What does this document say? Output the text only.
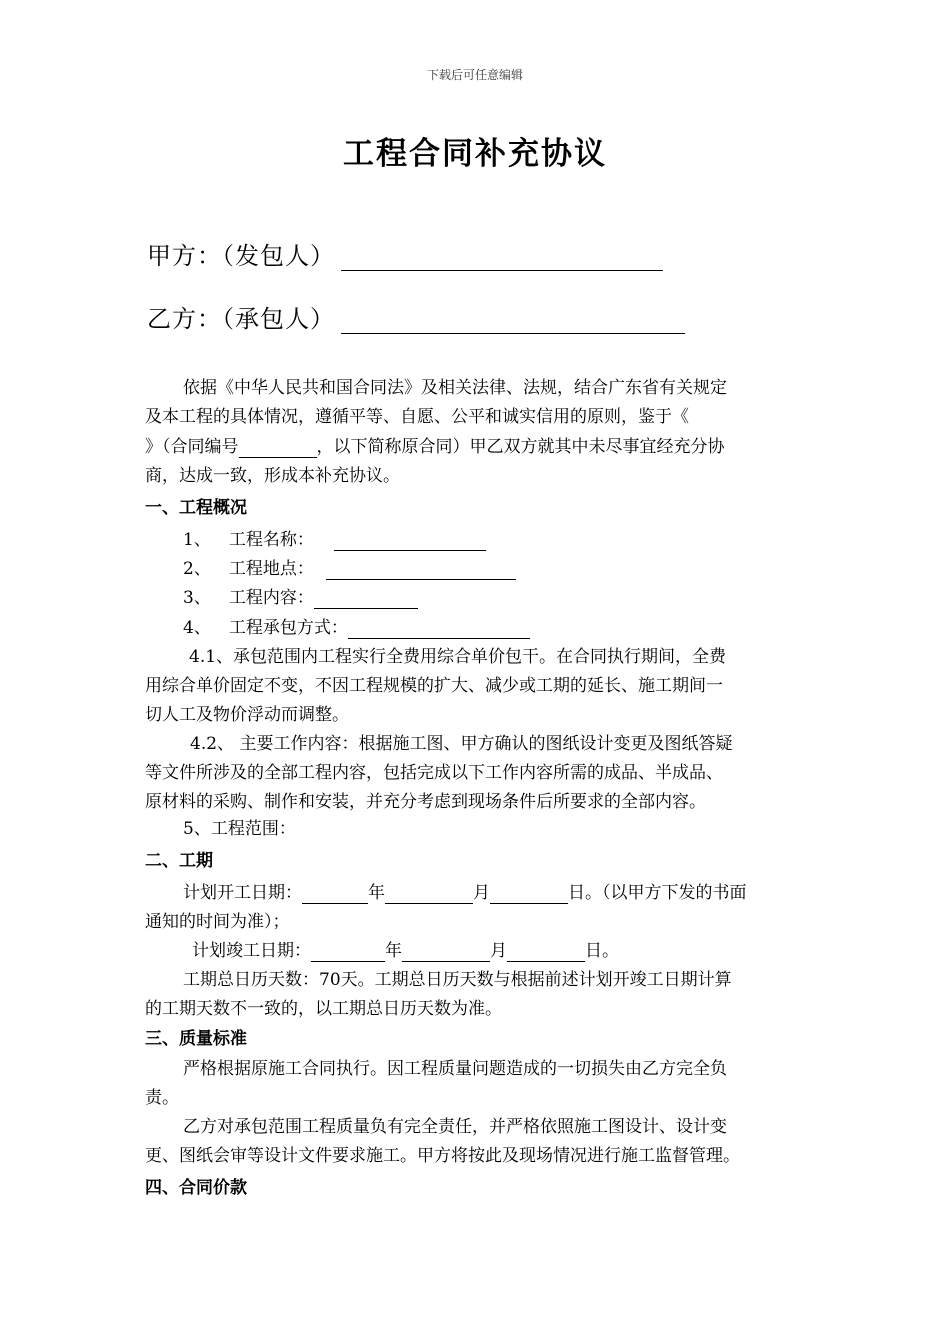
下载后可任意编辑
工程合同补充协议
甲方：（发包人）
乙方：（承包人）
依据《中华人民共和国合同法》及相关法律、法规，结合广东省有关规定
及本工程的具体情况，遵循平等、自愿、公平和诚实信用的原则，鉴于《
》（合同编号	，以下简称原合同）甲乙双方就其中未尽事宜经充分协
商，达成一致，形成本补充协议。
一、工程概况
1、 工程名称：
2、 工程地点：
3、 工程内容：
4、 工程承包方式：
4.1、承包范围内工程实行全费用综合单价包干。在合同执行期间，全费
用综合单价固定不变，不因工程规模的扩大、减少或工期的延长、施工期间一
切人工及物价浮动而调整。
4.2、 主要工作内容：根据施工图、甲方确认的图纸设计变更及图纸答疑
等文件所涉及的全部工程内容，包括完成以下工作内容所需的成品、半成品、
原材料的采购、制作和安装，并充分考虑到现场条件后所要求的全部内容。
5、工程范围：
二、工期
计划开工日期：	年	月	日。（以甲方下发的书面
通知的时间为准）；
计划竣工日期：	年	月	日。
工期总日历天数：70天。工期总日历天数与根据前述计划开竣工日期计算
的工期天数不一致的，以工期总日历天数为准。
三、质量标准
严格根据原施工合同执行。因工程质量问题造成的一切损失由乙方完全负
责。
乙方对承包范围工程质量负有完全责任，并严格依照施工图设计、设计变
更、图纸会审等设计文件要求施工。甲方将按此及现场情况进行施工监督管理。
四、合同价款
